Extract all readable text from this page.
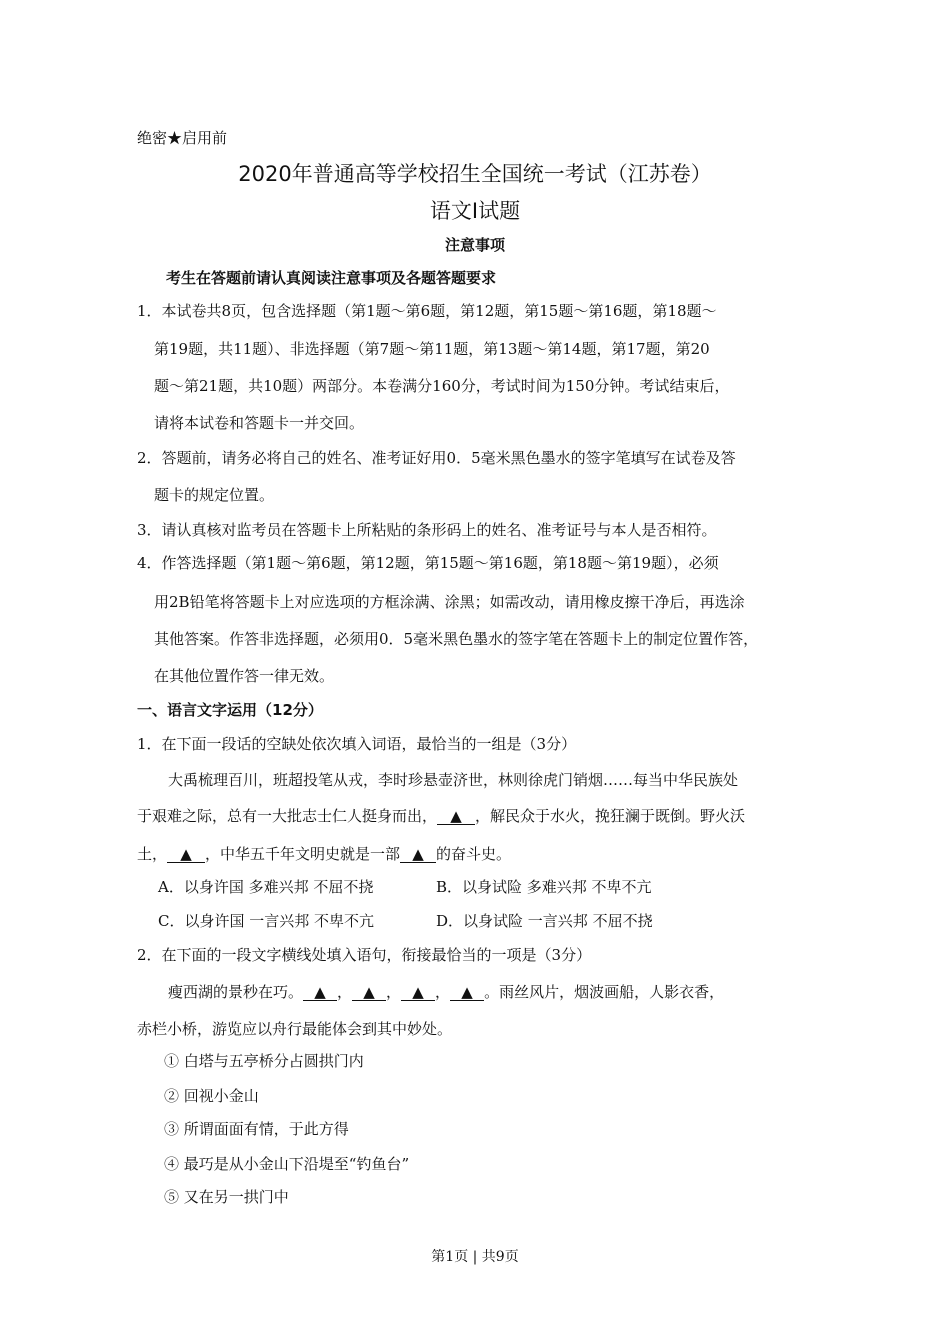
绝密★启用前
2020年普通高等学校招生全国统一考试（江苏卷）
语文Ⅰ试题
注意事项
考生在答题前请认真阅读注意事项及各题答题要求
1．本试卷共8页，包含选择题（第1题～第6题，第12题，第15题～第16题，第18题～
第19题，共11题）、非选择题（第7题～第11题，第13题～第14题，第17题，第20
题～第21题，共10题）两部分。本卷满分160分，考试时间为150分钟。考试结束后，
请将本试卷和答题卡一并交回。
2．答题前，请务必将自己的姓名、准考证好用0．5毫米黑色墨水的签字笔填写在试卷及答
题卡的规定位置。
3．请认真核对监考员在答题卡上所粘贴的条形码上的姓名、准考证号与本人是否相符。
4．作答选择题（第1题～第6题，第12题，第15题～第16题，第18题～第19题），必须
用2B铅笔将答题卡上对应选项的方框涂满、涂黑；如需改动，请用橡皮擦干净后，再选涂
其他答案。作答非选择题，必须用0．5毫米黑色墨水的签字笔在答题卡上的制定位置作答，
在其他位置作答一律无效。
一、语言文字运用（12分）
1．在下面一段话的空缺处依次填入词语，最恰当的一组是（3分）
大禹梳理百川，班超投笔从戎，李时珍悬壶济世，林则徐虎门销烟……每当中华民族处
于艰难之际，总有一大批志士仁人挺身而出， ▲ ，解民众于水火，挽狂澜于既倒。野火沃
土， ▲ ，中华五千年文明史就是一部 ▲ 的奋斗史。
A．以身许国 多难兴邦 不屈不挠	B．以身试险 多难兴邦 不卑不亢
C．以身许国 一言兴邦 不卑不亢	D．以身试险 一言兴邦 不屈不挠
2．在下面的一段文字横线处填入语句，衔接最恰当的一项是（3分）
瘦西湖的景秒在巧。 ▲ ， ▲ ， ▲ ， ▲ 。雨丝风片，烟波画船，人影衣香，
赤栏小桥，游览应以舟行最能体会到其中妙处。
① 白塔与五亭桥分占圆拱门内
② 回视小金山
③ 所谓面面有情，于此方得
④ 最巧是从小金山下沿堤至“钓鱼台”
⑤ 又在另一拱门中
第1页 | 共9页
